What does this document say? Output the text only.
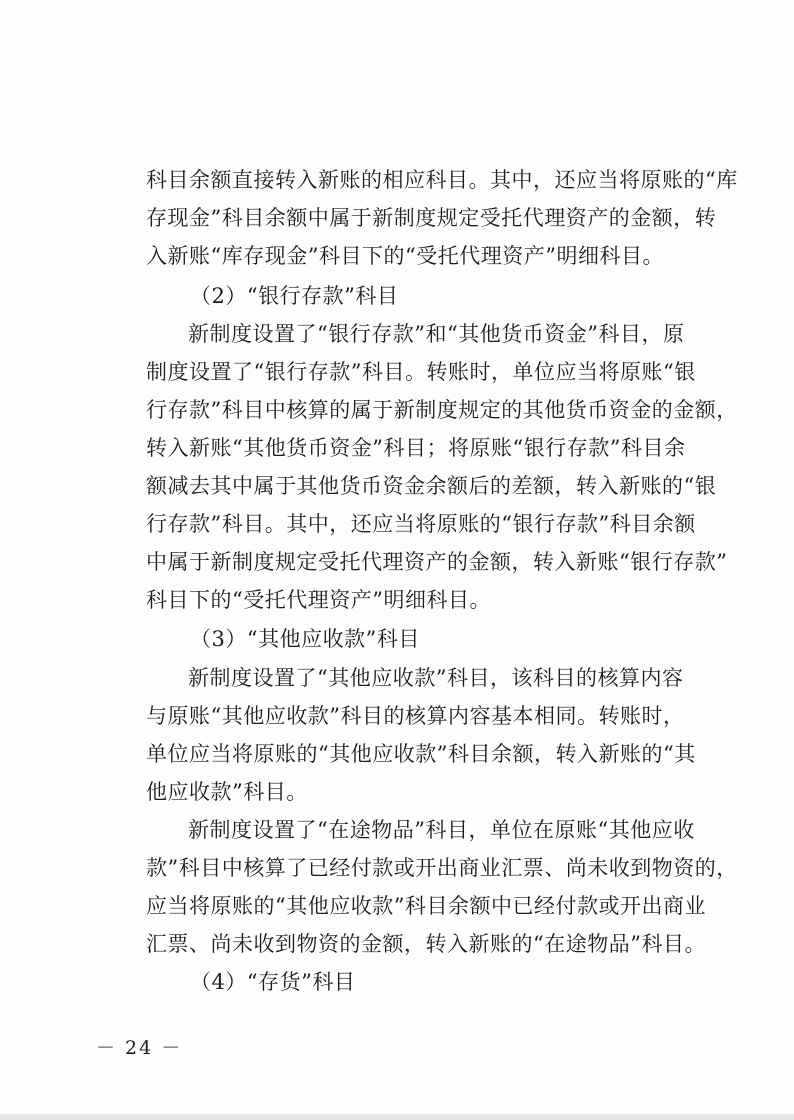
科目余额直接转入新账的相应科目。其中，还应当将原账的“库
存现金”科目余额中属于新制度规定受托代理资产的金额，转
入新账“库存现金”科目下的“受托代理资产”明细科目。
（2）“银行存款”科目
新制度设置了“银行存款”和“其他货币资金”科目，原
制度设置了“银行存款”科目。转账时，单位应当将原账“银
行存款”科目中核算的属于新制度规定的其他货币资金的金额，
转入新账“其他货币资金”科目；将原账“银行存款”科目余
额减去其中属于其他货币资金余额后的差额，转入新账的“银
行存款”科目。其中，还应当将原账的“银行存款”科目余额
中属于新制度规定受托代理资产的金额，转入新账“银行存款”
科目下的“受托代理资产”明细科目。
（3）“其他应收款”科目
新制度设置了“其他应收款”科目，该科目的核算内容
与原账“其他应收款”科目的核算内容基本相同。转账时，
单位应当将原账的“其他应收款”科目余额，转入新账的“其
他应收款”科目。
新制度设置了“在途物品”科目，单位在原账“其他应收
款”科目中核算了已经付款或开出商业汇票、尚未收到物资的，
应当将原账的“其他应收款”科目余额中已经付款或开出商业
汇票、尚未收到物资的金额，转入新账的“在途物品”科目。
（4）“存货”科目
－ 24 －
